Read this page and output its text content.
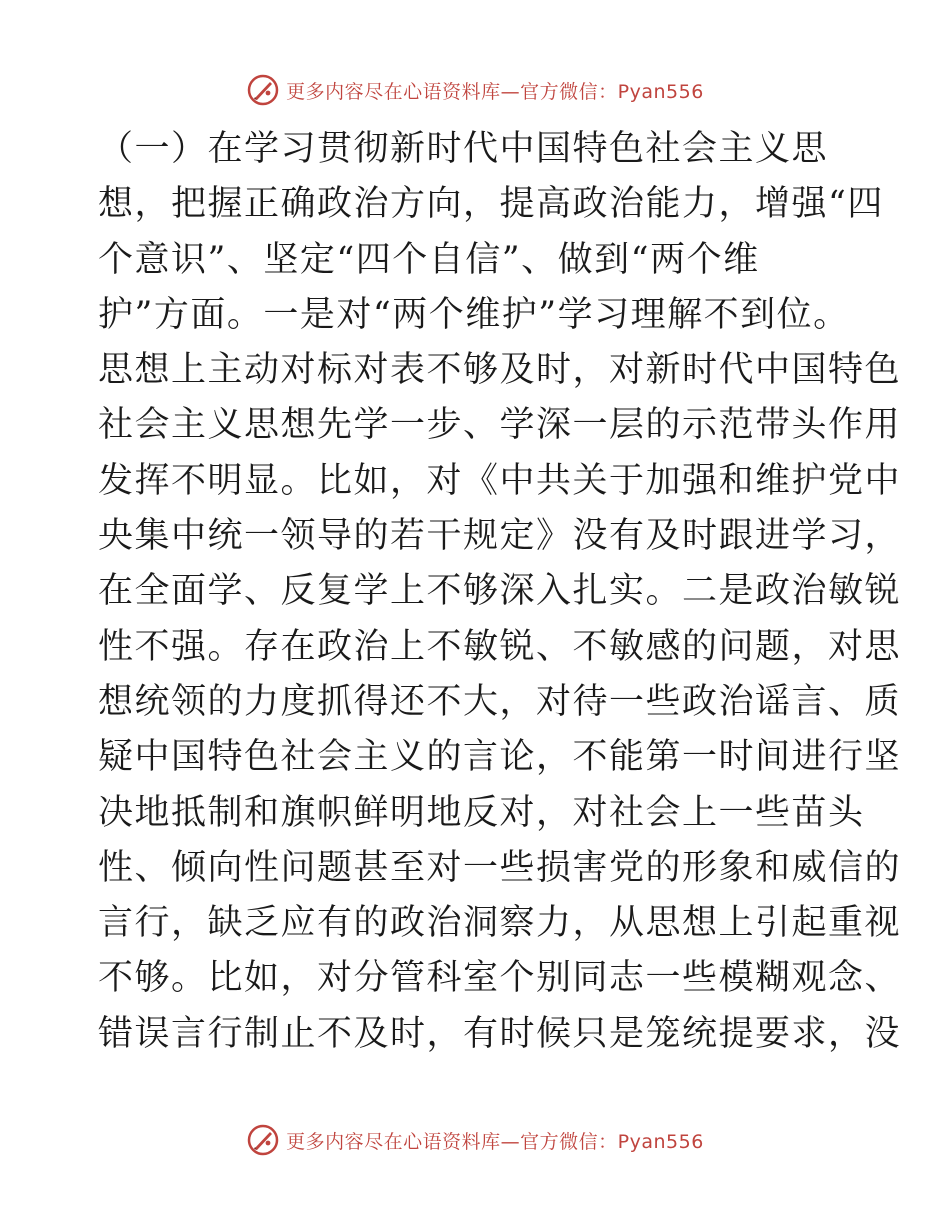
更多内容尽在心语资料库—官方微信：Pyan556
（一）在学习贯彻新时代中国特色社会主义思
想，把握正确政治方向，提高政治能力，增强“四
个意识”、坚定“四个自信”、做到“两个维
护”方面。一是对“两个维护”学习理解不到位。
思想上主动对标对表不够及时，对新时代中国特色
社会主义思想先学一步、学深一层的示范带头作用
发挥不明显。比如，对《中共关于加强和维护党中
央集中统一领导的若干规定》没有及时跟进学习，
在全面学、反复学上不够深入扎实。二是政治敏锐
性不强。存在政治上不敏锐、不敏感的问题，对思
想统领的力度抓得还不大，对待一些政治谣言、质
疑中国特色社会主义的言论，不能第一时间进行坚
决地抵制和旗帜鲜明地反对，对社会上一些苗头
性、倾向性问题甚至对一些损害党的形象和威信的
言行，缺乏应有的政治洞察力，从思想上引起重视
不够。比如，对分管科室个别同志一些模糊观念、
错误言行制止不及时，有时候只是笼统提要求，没
更多内容尽在心语资料库—官方微信：Pyan556
